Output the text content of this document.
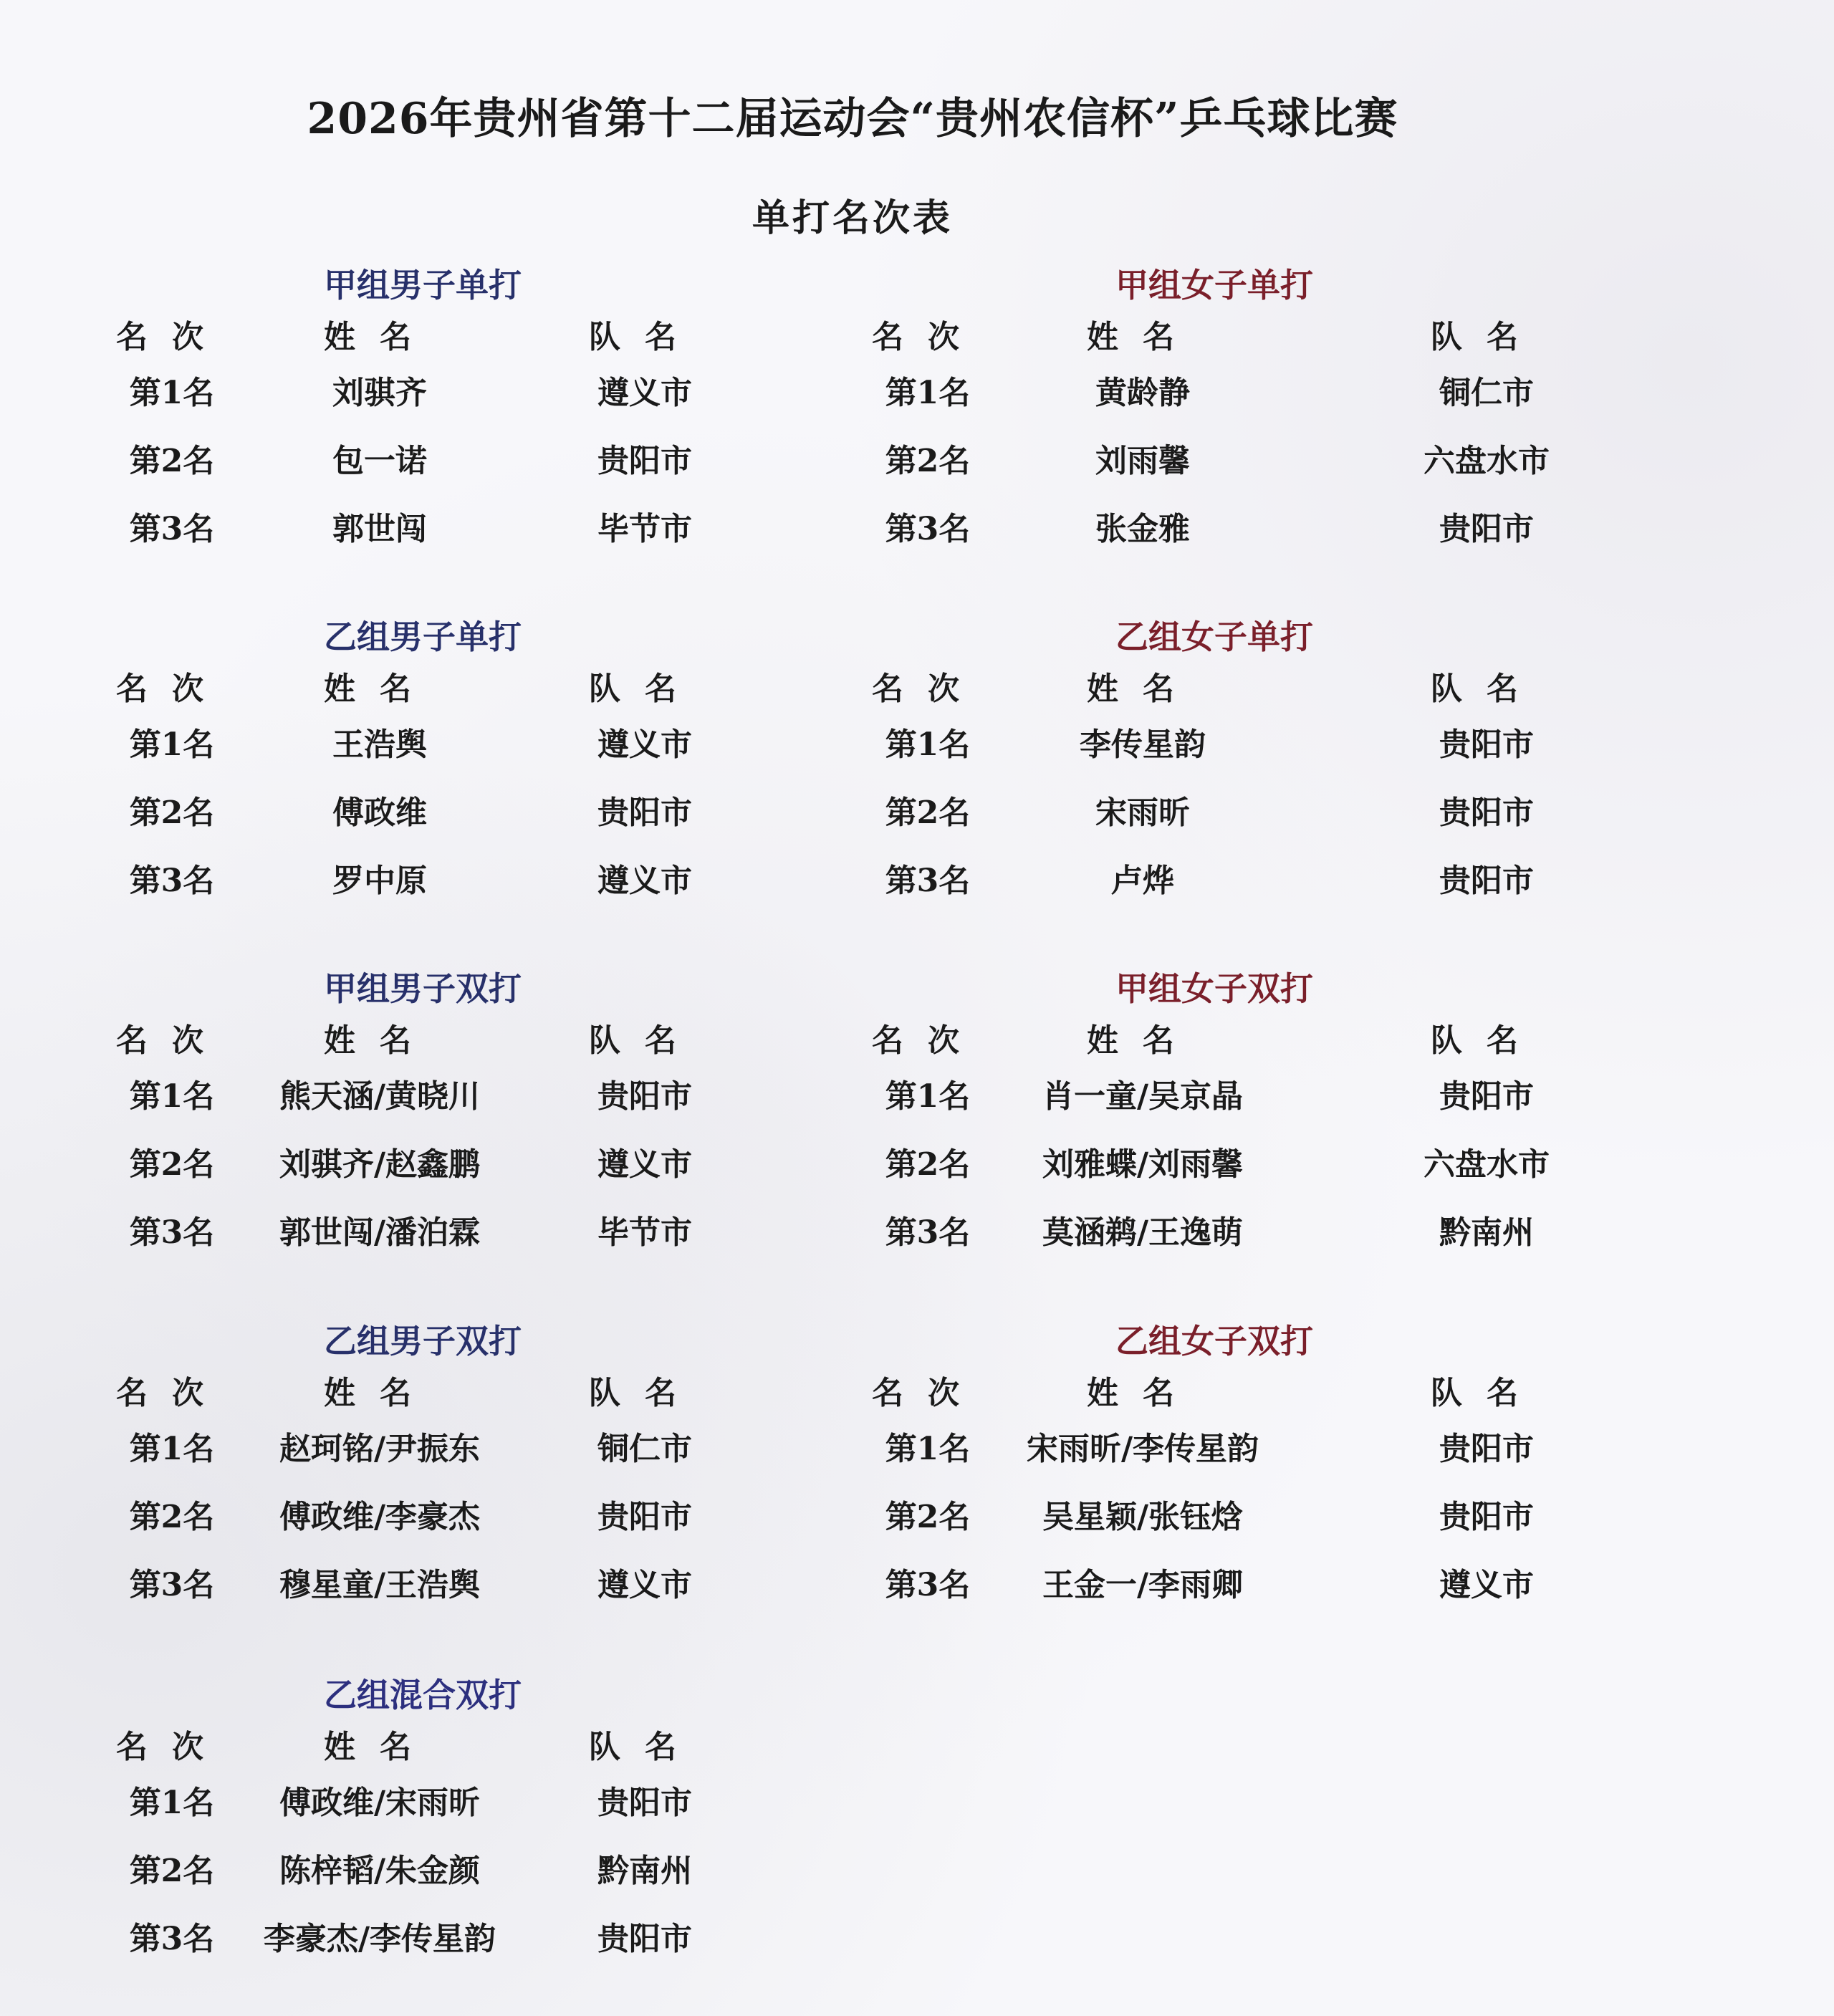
2026年贵州省第十二届运动会“贵州农信杯”乒乓球比赛
单打名次表
甲组男子单打
名次	姓名	队名
第1名	刘骐齐	遵义市
第2名	包一诺	贵阳市
第3名	郭世闯	毕节市
甲组女子单打
名次	姓名	队名
第1名	黄龄静	铜仁市
第2名	刘雨馨	六盘水市
第3名	张金雅	贵阳市
乙组男子单打
名次	姓名	队名
第1名	王浩舆	遵义市
第2名	傅政维	贵阳市
第3名	罗中原	遵义市
乙组女子单打
名次	姓名	队名
第1名	李传星韵	贵阳市
第2名	宋雨昕	贵阳市
第3名	卢烨	贵阳市
甲组男子双打
名次	姓名	队名
第1名	熊天涵/黄晓川	贵阳市
第2名	刘骐齐/赵鑫鹏	遵义市
第3名	郭世闯/潘泊霖	毕节市
甲组女子双打
名次	姓名	队名
第1名	肖一童/吴京晶	贵阳市
第2名	刘雅蝶/刘雨馨	六盘水市
第3名	莫涵鹈/王逸萌	黔南州
乙组男子双打
名次	姓名	队名
第1名	赵珂铭/尹振东	铜仁市
第2名	傅政维/李豪杰	贵阳市
第3名	穆星童/王浩舆	遵义市
乙组女子双打
名次	姓名	队名
第1名	宋雨昕/李传星韵	贵阳市
第2名	吴星颖/张钰焓	贵阳市
第3名	王金一/李雨卿	遵义市
乙组混合双打
名次	姓名	队名
第1名	傅政维/宋雨昕	贵阳市
第2名	陈梓韬/朱金颜	黔南州
第3名	李豪杰/李传星韵	贵阳市
